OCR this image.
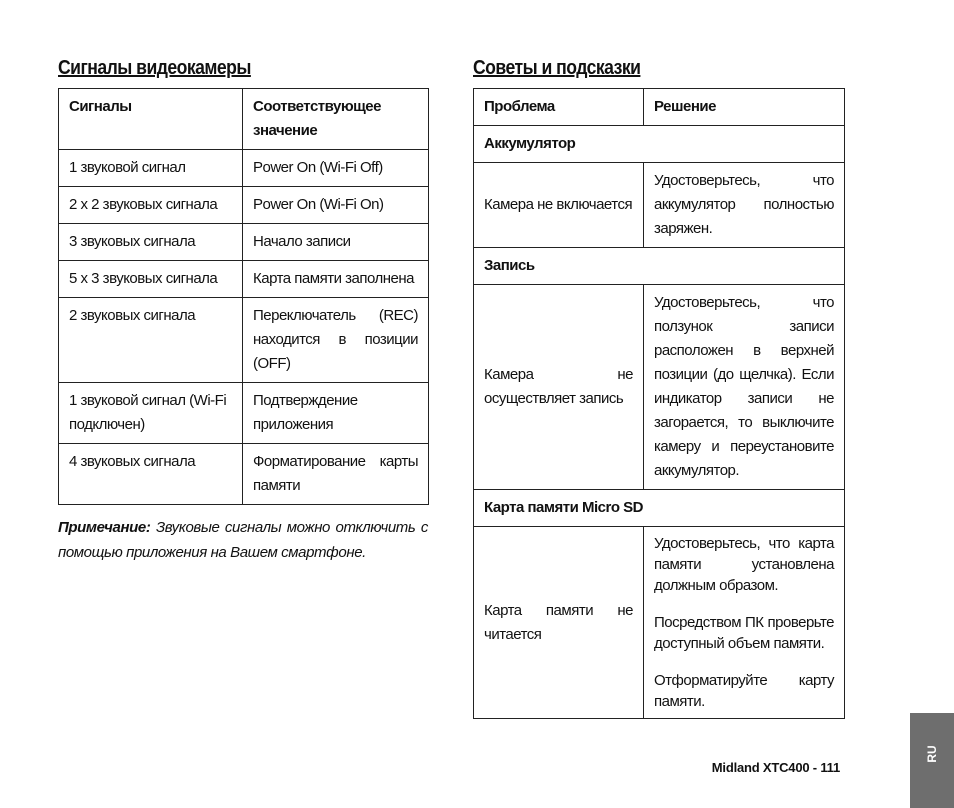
Сигналы видеокамеры
Сигналы	Соответствующее значение
1 звуковой сигнал	Power On (Wi-Fi Off)
2 х 2 звуковых сигнала	Power On (Wi-Fi On)
3 звуковых сигнала	Начало записи
5 х 3 звуковых сигнала	Карта памяти заполнена
2 звуковых сигнала	Переключатель (REC) находится в позиции (OFF)
1 звуковой сигнал (Wi-Fi подключен)	Подтверждение приложения
4 звуковых сигнала	Форматирование карты памяти

Примечание: Звуковые сигналы можно отключить с помощью приложения на Вашем смартфоне.

Советы и подсказки
Проблема	Решение
Аккумулятор	
Камера не включается	Удостоверьтесь, что аккумулятор полностью заряжен.
Запись	
Камера не осуществляет запись	Удостоверьтесь, что ползунок записи расположен в верхней позиции (до щелчка). Если индикатор записи не загорается, то выключите камеру и переустановите аккумулятор.
Карта памяти Micro SD	
Карта памяти не читается	Удостоверьтесь, что карта памяти установлена должным образом.
Посредством ПК проверьте доступный объем памяти.
Отформатируйте карту памяти.
Midland XTC400 - 111
RU
